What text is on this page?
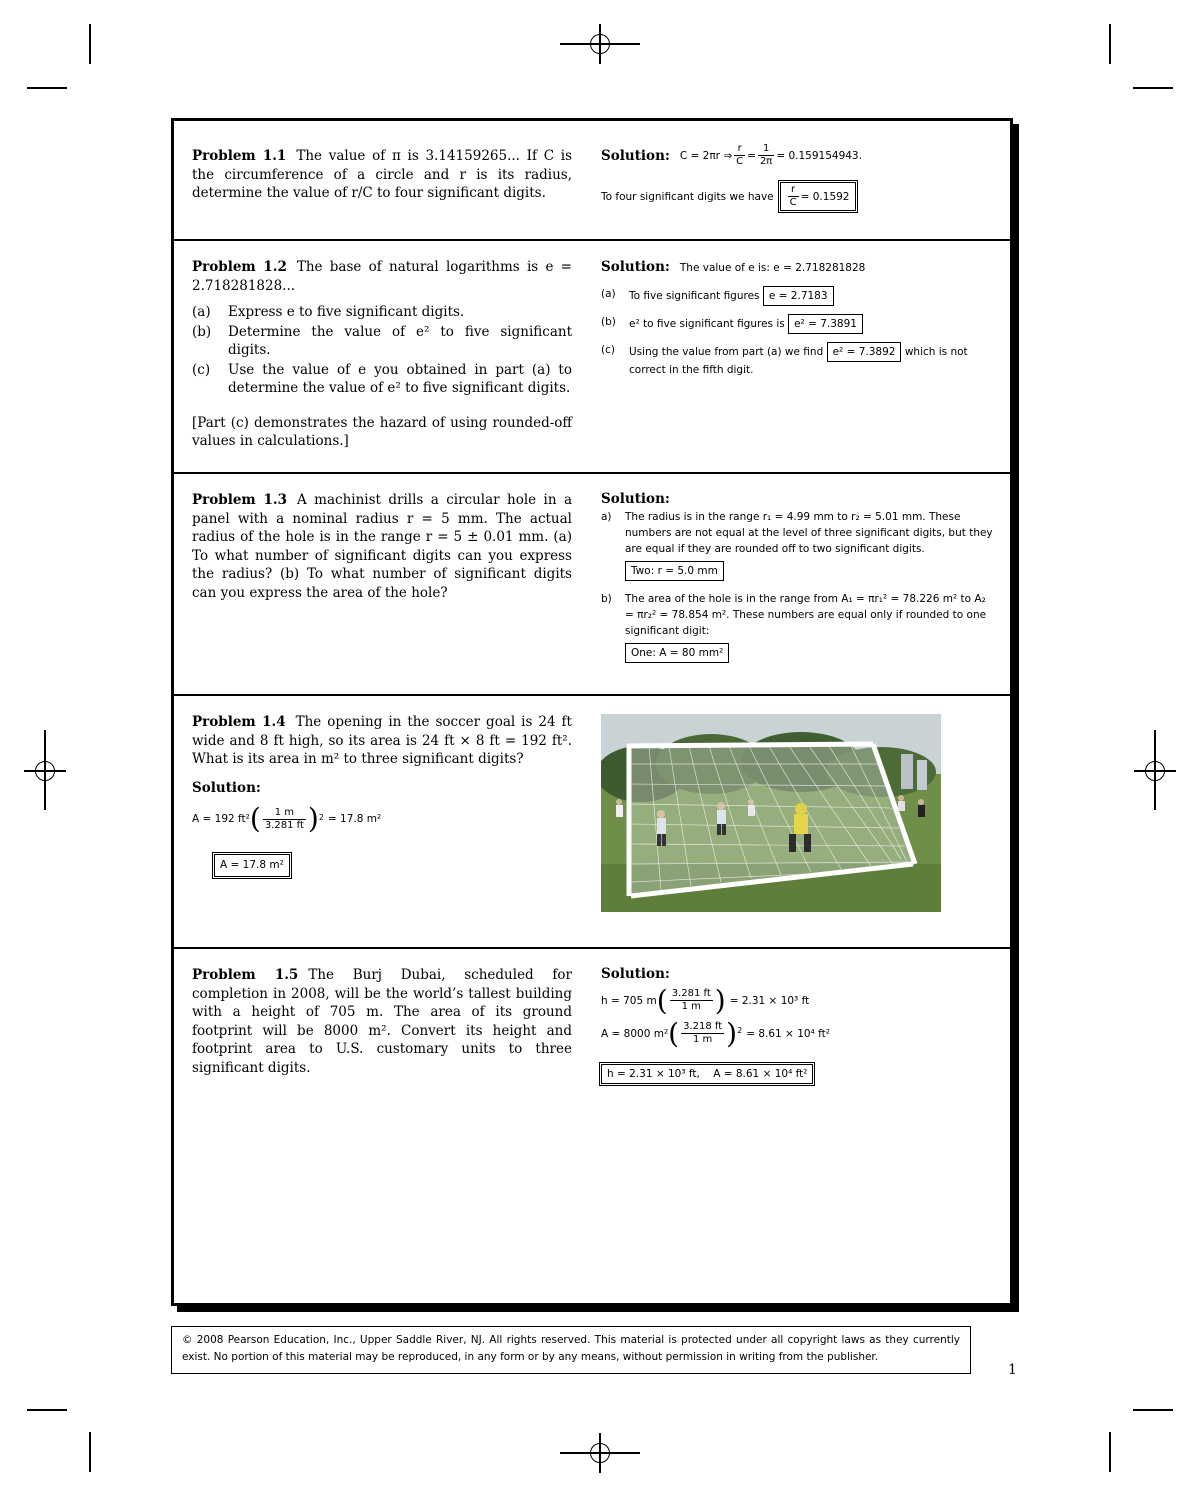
Problem 1.1 The value of π is 3.14159265... If C is the circumference of a circle and r is its radius, determine the value of r/C to four significant digits.
Solution: C = 2πr ⇒ $\frac{r}{C} = \frac{1}{2\pi} = 0.159154943$.
To four significant digits we have $\frac{r}{C} = 0.1592$
Problem 1.2 The base of natural logarithms is e = 2.718281828...
(a)	Express e to five significant digits.
(b)	Determine the value of e² to five significant digits.
(c)	Use the value of e you obtained in part (a) to determine the value of e² to five significant digits.
[Part (c) demonstrates the hazard of using rounded-off values in calculations.]
Solution: The value of e is: e = 2.718281828
(a)	To five significant figures e = 2.7183
(b)	e² to five significant figures is e² = 7.3891
(c)	Using the value from part (a) we find e² = 7.3892 which is not correct in the fifth digit.
Problem 1.3 A machinist drills a circular hole in a panel with a nominal radius r = 5 mm. The actual radius of the hole is in the range r = 5 ± 0.01 mm. (a) To what number of significant digits can you express the radius? (b) To what number of significant digits can you express the area of the hole?
Solution:
a)	The radius is in the range r₁ = 4.99 mm to r₂ = 5.01 mm. These numbers are not equal at the level of three significant digits, but they are equal if they are rounded off to two significant digits.
Two: r = 5.0 mm
b)	The area of the hole is in the range from A₁ = πr₁² = 78.226 m² to A₂ = πr₂² = 78.854 m². These numbers are equal only if rounded to one significant digit:
One: A = 80 mm²
Problem 1.4 The opening in the soccer goal is 24 ft wide and 8 ft high, so its area is 24 ft × 8 ft = 192 ft². What is its area in m² to three significant digits?
Solution:
A = 192 ft² ( $\frac{1 m}{3.281 ft}$ ) 2 = 17.8 m²
A = 17.8 m²
Problem 1.5 The Burj Dubai, scheduled for completion in 2008, will be the world’s tallest building with a height of 705 m. The area of its ground footprint will be 8000 m². Convert its height and footprint area to U.S. customary units to three significant digits.
Solution:
h = 705 m ( $\frac{3.281 ft}{1 m}$ ) = 2.31 × 10³ ft
A = 8000 m² ( $\frac{3.218 ft}{1 m} )^2 = 8.61 \times 10^4$ ft²
h = 2.31 × 10³ ft,    A = 8.61 × 10⁴ ft²
© 2008 Pearson Education, Inc., Upper Saddle River, NJ. All rights reserved. This material is protected under all copyright laws as they currently exist. No portion of this material may be reproduced, in any form or by any means, without permission in writing from the publisher.
1
